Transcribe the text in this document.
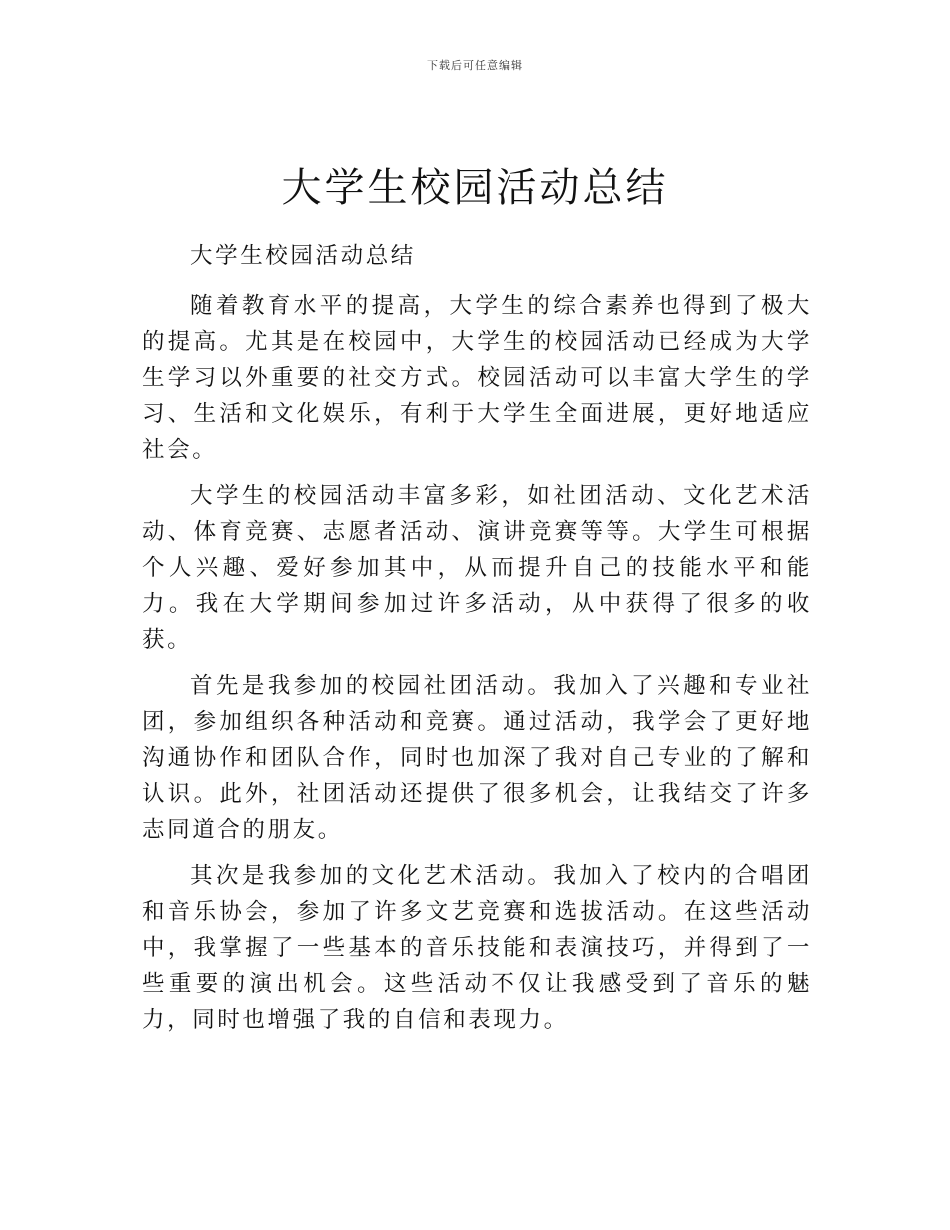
下载后可任意编辑
大学生校园活动总结

大学生校园活动总结

随着教育水平的提高，大学生的综合素养也得到了极大的提高。尤其是在校园中，大学生的校园活动已经成为大学生学习以外重要的社交方式。校园活动可以丰富大学生的学习、生活和文化娱乐，有利于大学生全面进展，更好地适应社会。

大学生的校园活动丰富多彩，如社团活动、文化艺术活动、体育竞赛、志愿者活动、演讲竞赛等等。大学生可根据个人兴趣、爱好参加其中，从而提升自己的技能水平和能力。我在大学期间参加过许多活动，从中获得了很多的收获。

首先是我参加的校园社团活动。我加入了兴趣和专业社团，参加组织各种活动和竞赛。通过活动，我学会了更好地沟通协作和团队合作，同时也加深了我对自己专业的了解和认识。此外，社团活动还提供了很多机会，让我结交了许多志同道合的朋友。

其次是我参加的文化艺术活动。我加入了校内的合唱团和音乐协会，参加了许多文艺竞赛和选拔活动。在这些活动中，我掌握了一些基本的音乐技能和表演技巧，并得到了一些重要的演出机会。这些活动不仅让我感受到了音乐的魅力，同时也增强了我的自信和表现力。
